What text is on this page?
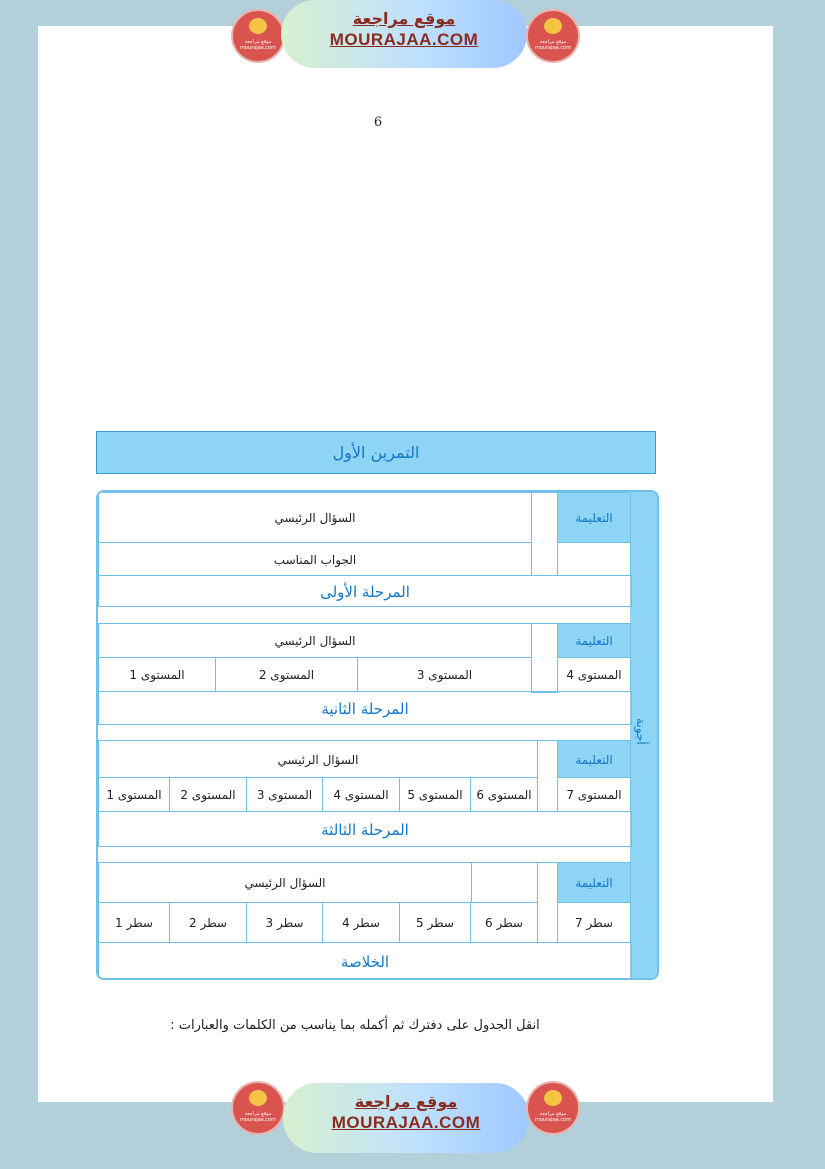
موقع مراجعة mourajaa.com
موقع مراجعة
MOURAJAA.COM	موقع مراجعة mourajaa.com
6
ﺍﻟﺘﻤﺮﻳﻦ ﺍﻷﻭﻝ
ﺃﺟﻮﺑﺔ
ﺍﻟﺘﻌﻠﻴﻤﺔ
ﺍﻟﺴﺆﺍﻝ ﺍﻟﺮﺋﻴﺴﻲ
ﺍﻟﺠﻮﺍﺏ ﺍﻟﻤﻨﺎﺳﺐ
ﺍﻟﻤﺮﺣﻠﺔ ﺍﻷﻭﻟﻰ
ﺍﻟﺘﻌﻠﻴﻤﺔ
ﺍﻟﺴﺆﺍﻝ ﺍﻟﺮﺋﻴﺴﻲ
ﺍﻟﻤﺴﺘﻮﻯ 1	ﺍﻟﻤﺴﺘﻮﻯ 2	ﺍﻟﻤﺴﺘﻮﻯ 3	ﺍﻟﻤﺴﺘﻮﻯ 4
ﺍﻟﻤﺮﺣﻠﺔ ﺍﻟﺜﺎﻧﻴﺔ
ﺍﻟﺘﻌﻠﻴﻤﺔ
ﺍﻟﺴﺆﺍﻝ ﺍﻟﺮﺋﻴﺴﻲ
ﺍﻟﻤﺴﺘﻮﻯ 1	ﺍﻟﻤﺴﺘﻮﻯ 2	ﺍﻟﻤﺴﺘﻮﻯ 3	ﺍﻟﻤﺴﺘﻮﻯ 4	ﺍﻟﻤﺴﺘﻮﻯ 5	ﺍﻟﻤﺴﺘﻮﻯ 6	ﺍﻟﻤﺴﺘﻮﻯ 7
ﺍﻟﻤﺮﺣﻠﺔ ﺍﻟﺜﺎﻟﺜﺔ
ﺍﻟﺘﻌﻠﻴﻤﺔ
ﺍﻟﺴﺆﺍﻝ ﺍﻟﺮﺋﻴﺴﻲ
ﺳﻄﺮ 1	ﺳﻄﺮ 2	ﺳﻄﺮ 3	ﺳﻄﺮ 4	ﺳﻄﺮ 5	ﺳﻄﺮ 6	ﺳﻄﺮ 7
ﺍﻟﺨﻼﺻﺔ
ﺍﻧﻘﻞ ﺍﻟﺠﺪﻭﻝ ﻋﻠﻰ ﺩﻓﺘﺮﻙ ﺛﻢ ﺃﻛﻤﻠﻪ ﺑﻤﺎ ﻳﻨﺎﺳﺐ ﻣﻦ ﺍﻟﻜﻠﻤﺎﺕ ﻭﺍﻟﻌﺒﺎﺭﺍﺕ :
موقع مراجعة mourajaa.com
موقع مراجعة
MOURAJAA.COM	موقع مراجعة mourajaa.com
